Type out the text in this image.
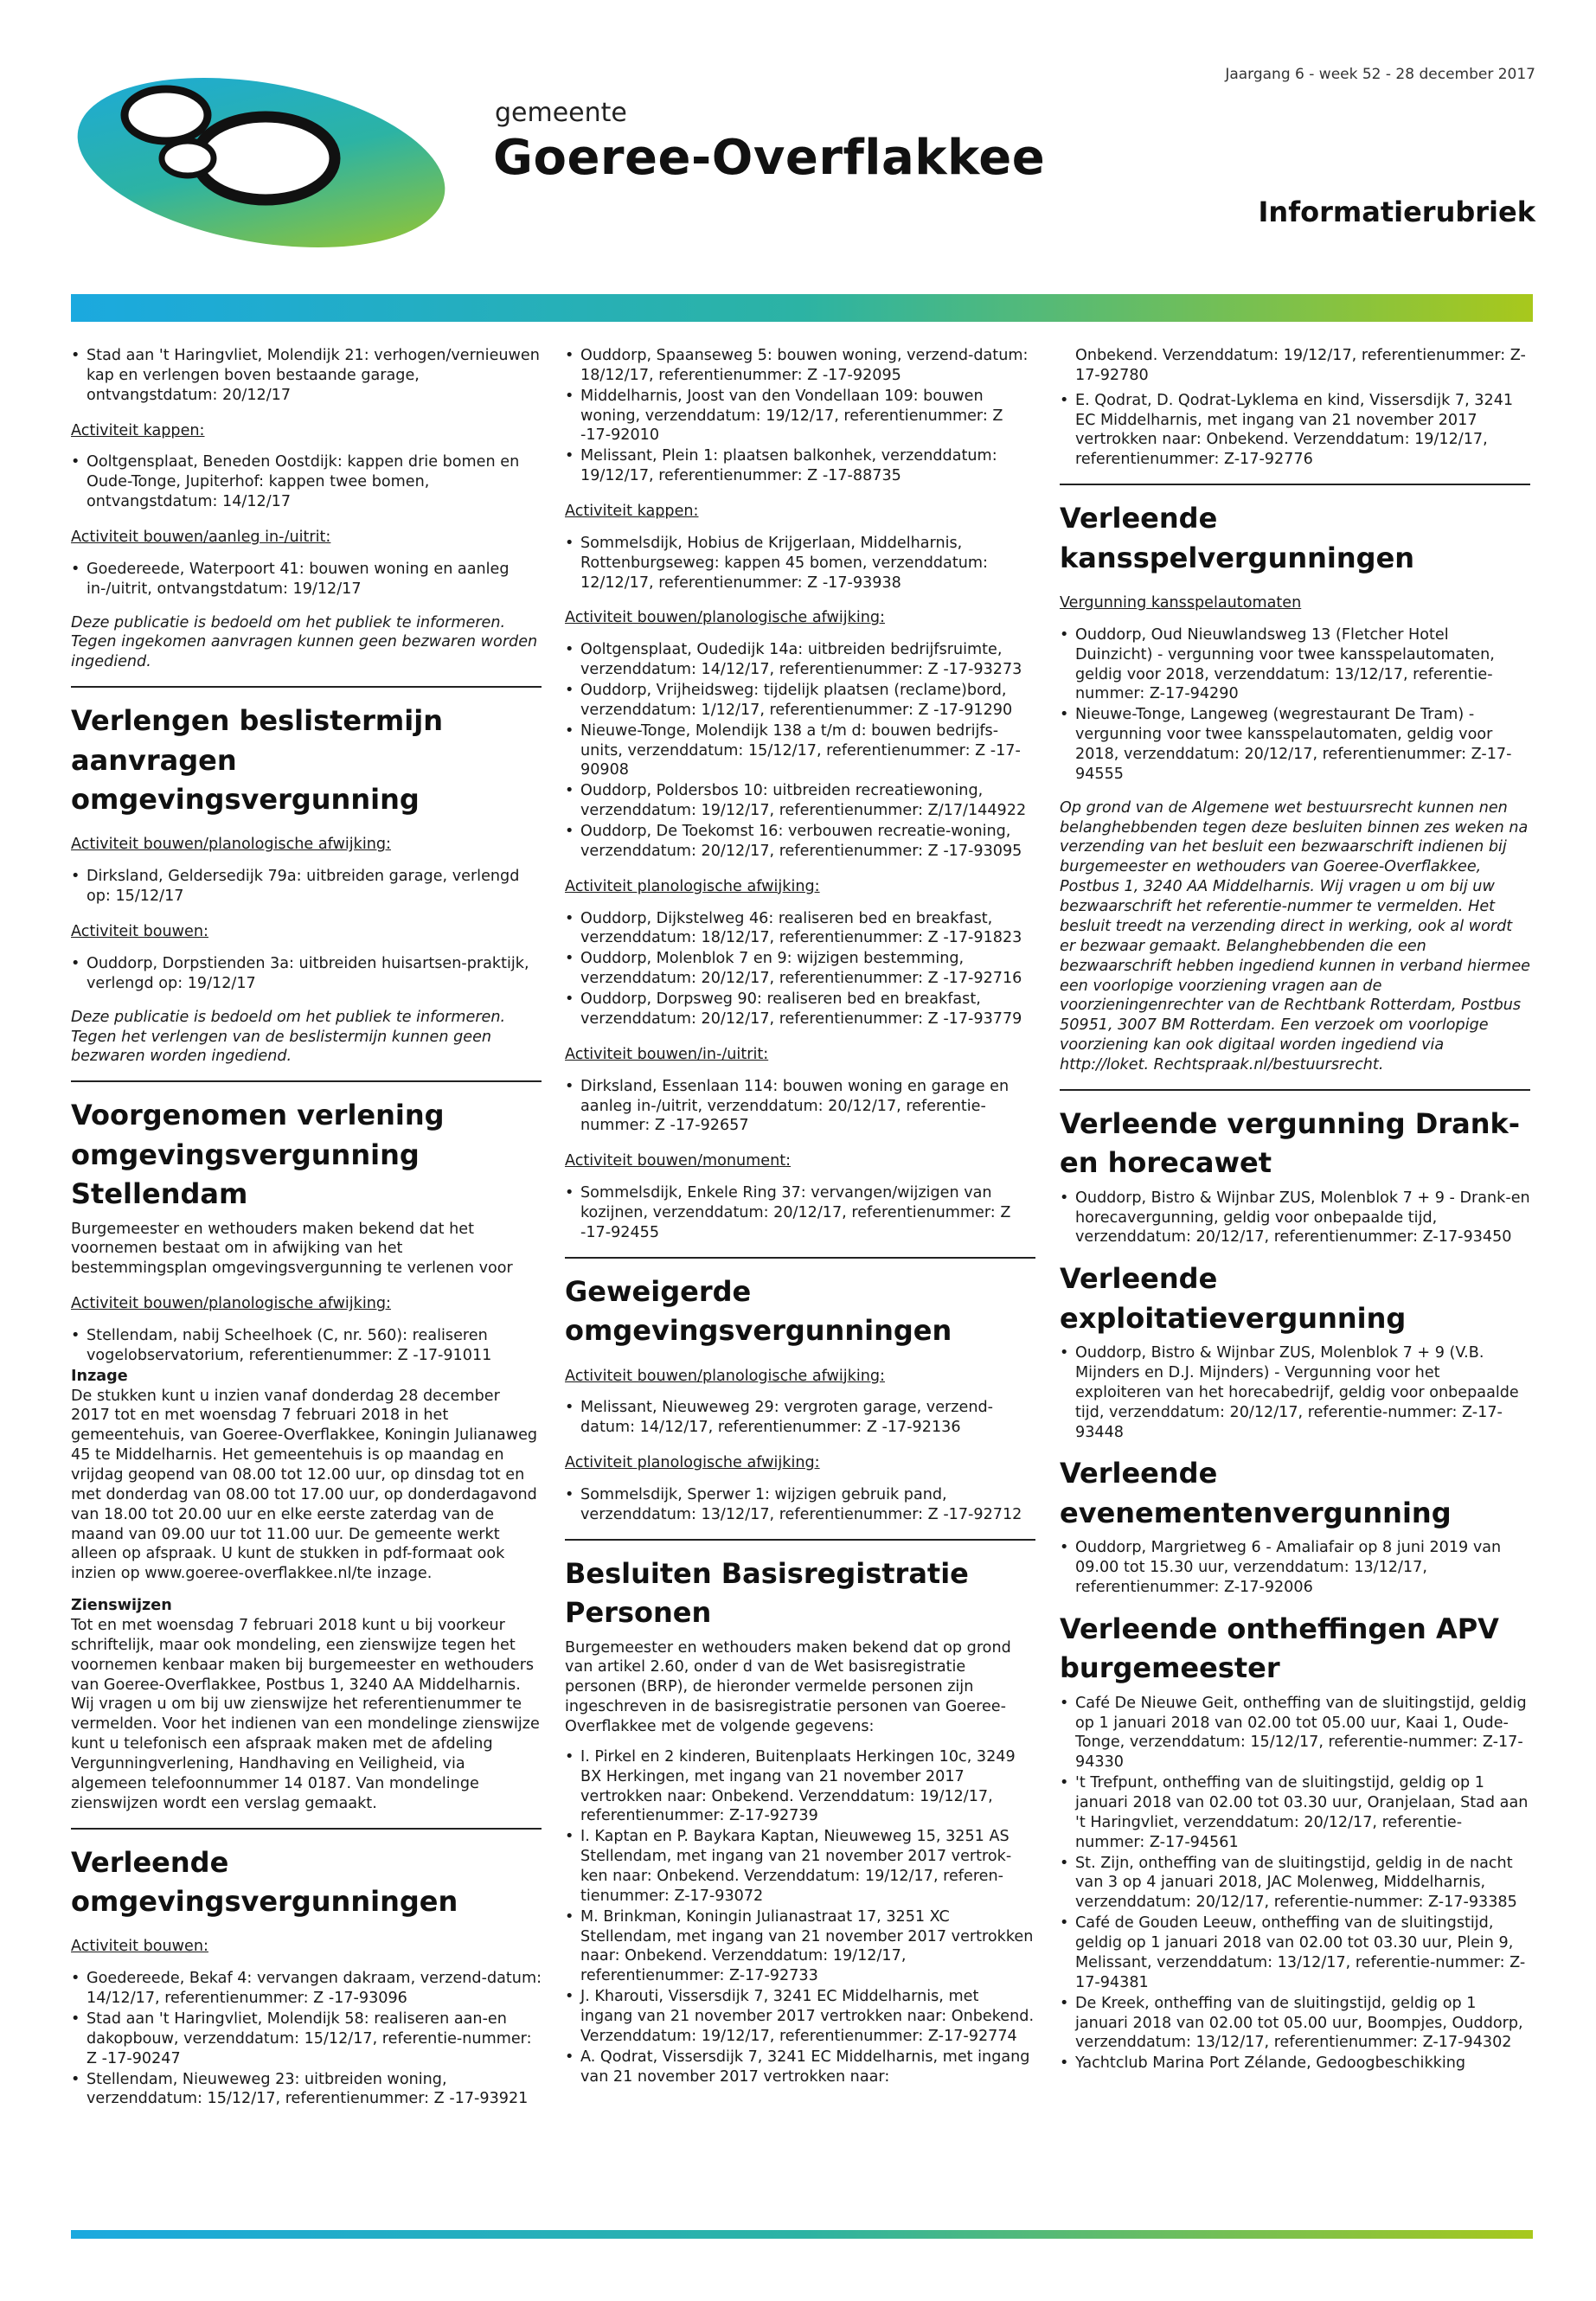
Jaargang 6 - week 52 - 28 december 2017
gemeente
Goeree-Overflakkee
Informatierubriek
• Stad aan 't Haringvliet, Molendijk 21: verhogen/vernieuwen kap en verlengen boven bestaande garage, ontvangstdatum: 20/12/17

Activiteit kappen:

• Ooltgensplaat, Beneden Oostdijk: kappen drie bomen en Oude-Tonge, Jupiterhof: kappen twee bomen, ontvangstdatum: 14/12/17

Activiteit bouwen/aanleg in-/uitrit:

• Goedereede, Waterpoort 41: bouwen woning en aanleg in-/uitrit, ontvangstdatum: 19/12/17

Deze publicatie is bedoeld om het publiek te informeren. Tegen ingekomen aanvragen kunnen geen bezwaren worden ingediend.

Verlengen beslistermijn aanvragen omgevingsvergunning

Activiteit bouwen/planologische afwijking:

• Dirksland, Geldersedijk 79a: uitbreiden garage, verlengd op: 15/12/17

Activiteit bouwen:

• Ouddorp, Dorpstienden 3a: uitbreiden huisartsen-praktijk, verlengd op: 19/12/17

Deze publicatie is bedoeld om het publiek te informeren. Tegen het verlengen van de beslistermijn kunnen geen bezwaren worden ingediend.

Voorgenomen verlening omgevingsvergunning Stellendam

Burgemeester en wethouders maken bekend dat het voornemen bestaat om in afwijking van het bestemmingsplan omgevingsvergunning te verlenen voor

Activiteit bouwen/planologische afwijking:

• Stellendam, nabij Scheelhoek (C, nr. 560): realiseren vogelobservatorium, referentienummer: Z -17-91011

Inzage

De stukken kunt u inzien vanaf donderdag 28 december 2017 tot en met woensdag 7 februari 2018 in het gemeentehuis, van Goeree-Overflakkee, Koningin Julianaweg 45 te Middelharnis. Het gemeentehuis is op maandag en vrijdag geopend van 08.00 tot 12.00 uur, op dinsdag tot en met donderdag van 08.00 tot 17.00 uur, op donderdagavond van 18.00 tot 20.00 uur en elke eerste zaterdag van de maand van 09.00 uur tot 11.00 uur. De gemeente werkt alleen op afspraak. U kunt de stukken in pdf-formaat ook inzien op www.goeree-overflakkee.nl/te inzage.

Zienswijzen

Tot en met woensdag 7 februari 2018 kunt u bij voorkeur schriftelijk, maar ook mondeling, een zienswijze tegen het voornemen kenbaar maken bij burgemeester en wethouders van Goeree-Overflakkee, Postbus 1, 3240 AA Middelharnis. Wij vragen u om bij uw zienswijze het referentienummer te vermelden. Voor het indienen van een mondelinge zienswijze kunt u telefonisch een afspraak maken met de afdeling Vergunningverlening, Handhaving en Veiligheid, via algemeen telefoonnummer 14 0187. Van mondelinge zienswijzen wordt een verslag gemaakt.

Verleende omgevingsvergunningen

Activiteit bouwen:

• Goedereede, Bekaf 4: vervangen dakraam, verzend-datum: 14/12/17, referentienummer: Z -17-93096
• Stad aan 't Haringvliet, Molendijk 58: realiseren aan-en dakopbouw, verzenddatum: 15/12/17, referentie-nummer: Z -17-90247
• Stellendam, Nieuweweg 23: uitbreiden woning, verzenddatum: 15/12/17, referentienummer: Z -17-93921
• Ouddorp, Spaanseweg 5: bouwen woning, verzend-datum: 18/12/17, referentienummer: Z -17-92095
• Middelharnis, Joost van den Vondellaan 109: bouwen woning, verzenddatum: 19/12/17, referentienummer: Z -17-92010
• Melissant, Plein 1: plaatsen balkonhek, verzenddatum: 19/12/17, referentienummer: Z -17-88735

Activiteit kappen:

• Sommelsdijk, Hobius de Krijgerlaan, Middelharnis, Rottenburgseweg: kappen 45 bomen, verzenddatum: 12/12/17, referentienummer: Z -17-93938

Activiteit bouwen/planologische afwijking:

• Ooltgensplaat, Oudedijk 14a: uitbreiden bedrijfsruimte, verzenddatum: 14/12/17, referentienummer: Z -17-93273
• Ouddorp, Vrijheidsweg: tijdelijk plaatsen (reclame)bord, verzenddatum: 1/12/17, referentienummer: Z -17-91290
• Nieuwe-Tonge, Molendijk 138 a t/m d: bouwen bedrijfs-units, verzenddatum: 15/12/17, referentienummer: Z -17-90908
• Ouddorp, Poldersbos 10: uitbreiden recreatiewoning, verzenddatum: 19/12/17, referentienummer: Z/17/144922
• Ouddorp, De Toekomst 16: verbouwen recreatie-woning, verzenddatum: 20/12/17, referentienummer: Z -17-93095

Activiteit planologische afwijking:

• Ouddorp, Dijkstelweg 46: realiseren bed en breakfast, verzenddatum: 18/12/17, referentienummer: Z -17-91823
• Ouddorp, Molenblok 7 en 9: wijzigen bestemming, verzenddatum: 20/12/17, referentienummer: Z -17-92716
• Ouddorp, Dorpsweg 90: realiseren bed en breakfast, verzenddatum: 20/12/17, referentienummer: Z -17-93779

Activiteit bouwen/in-/uitrit:

• Dirksland, Essenlaan 114: bouwen woning en garage en aanleg in-/uitrit, verzenddatum: 20/12/17, referentie-nummer: Z -17-92657

Activiteit bouwen/monument:

• Sommelsdijk, Enkele Ring 37: vervangen/wijzigen van kozijnen, verzenddatum: 20/12/17, referentienummer: Z -17-92455
Geweigerde omgevingsvergunningen

Activiteit bouwen/planologische afwijking:

• Melissant, Nieuweweg 29: vergroten garage, verzend-datum: 14/12/17, referentienummer: Z -17-92136

Activiteit planologische afwijking:

• Sommelsdijk, Sperwer 1: wijzigen gebruik pand, verzenddatum: 13/12/17, referentienummer: Z -17-92712
Besluiten Basisregistratie Personen

Burgemeester en wethouders maken bekend dat op grond van artikel 2.60, onder d van de Wet basisregistratie personen (BRP), de hieronder vermelde personen zijn ingeschreven in de basisregistratie personen van Goeree-Overflakkee met de volgende gegevens:

• I. Pirkel en 2 kinderen, Buitenplaats Herkingen 10c, 3249 BX Herkingen, met ingang van 21 november 2017 vertrokken naar: Onbekend. Verzenddatum: 19/12/17, referentienummer: Z-17-92739
• I. Kaptan en P. Baykara Kaptan, Nieuweweg 15, 3251 AS Stellendam, met ingang van 21 november 2017 vertrok-ken naar: Onbekend. Verzenddatum: 19/12/17, referen-tienummer: Z-17-93072
• M. Brinkman, Koningin Julianastraat 17, 3251 XC Stellendam, met ingang van 21 november 2017 vertrokken naar: Onbekend. Verzenddatum: 19/12/17, referentienummer: Z-17-92733
• J. Kharouti, Vissersdijk 7, 3241 EC Middelharnis, met ingang van 21 november 2017 vertrokken naar: Onbekend. Verzenddatum: 19/12/17, referentienummer: Z-17-92774
• A. Qodrat, Vissersdijk 7, 3241 EC Middelharnis, met ingang van 21 november 2017 vertrokken naar:

Onbekend. Verzenddatum: 19/12/17, referentienummer: Z-17-92780

• E. Qodrat, D. Qodrat-Lyklema en kind, Vissersdijk 7, 3241 EC Middelharnis, met ingang van 21 november 2017 vertrokken naar: Onbekend. Verzenddatum: 19/12/17, referentienummer: Z-17-92776
Verleende kansspelvergunningen

Vergunning kansspelautomaten

• Ouddorp, Oud Nieuwlandsweg 13 (Fletcher Hotel Duinzicht) - vergunning voor twee kansspelautomaten, geldig voor 2018, verzenddatum: 13/12/17, referentie-nummer: Z-17-94290
• Nieuwe-Tonge, Langeweg (wegrestaurant De Tram) - vergunning voor twee kansspelautomaten, geldig voor 2018, verzenddatum: 20/12/17, referentienummer: Z-17-94555

Op grond van de Algemene wet bestuursrecht kunnen nen belanghebbenden tegen deze besluiten binnen zes weken na verzending van het besluit een bezwaarschrift indienen bij burgemeester en wethouders van Goeree-Overflakkee, Postbus 1, 3240 AA Middelharnis. Wij vragen u om bij uw bezwaarschrift het referentie-nummer te vermelden. Het besluit treedt na verzending direct in werking, ook al wordt er bezwaar gemaakt. Belanghebbenden die een bezwaarschrift hebben ingediend kunnen in verband hiermee een voorlopige voorziening vragen aan de voorzieningenrechter van de Rechtbank Rotterdam, Postbus 50951, 3007 BM Rotterdam. Een verzoek om voorlopige voorziening kan ook digitaal worden ingediend via http://loket. Rechtspraak.nl/bestuursrecht.

Verleende vergunning Drank- en horecawet
• Ouddorp, Bistro & Wijnbar ZUS, Molenblok 7 + 9 - Drank-en horecavergunning, geldig voor onbepaalde tijd, verzenddatum: 20/12/17, referentienummer: Z-17-93450
Verleende exploitatievergunning
• Ouddorp, Bistro & Wijnbar ZUS, Molenblok 7 + 9 (V.B. Mijnders en D.J. Mijnders) - Vergunning voor het exploiteren van het horecabedrijf, geldig voor onbepaalde tijd, verzenddatum: 20/12/17, referentie-nummer: Z-17-93448
Verleende evenementenvergunning
• Ouddorp, Margrietweg 6 - Amaliafair op 8 juni 2019 van 09.00 tot 15.30 uur, verzenddatum: 13/12/17, referentienummer: Z-17-92006
Verleende ontheffingen APV burgemeester
• Café De Nieuwe Geit, ontheffing van de sluitingstijd, geldig op 1 januari 2018 van 02.00 tot 05.00 uur, Kaai 1, Oude-Tonge, verzenddatum: 15/12/17, referentie-nummer: Z-17-94330
• 't Trefpunt, ontheffing van de sluitingstijd, geldig op 1 januari 2018 van 02.00 tot 03.30 uur, Oranjelaan, Stad aan 't Haringvliet, verzenddatum: 20/12/17, referentie-nummer: Z-17-94561
• St. Zijn, ontheffing van de sluitingstijd, geldig in de nacht van 3 op 4 januari 2018, JAC Molenweg, Middelharnis, verzenddatum: 20/12/17, referentie-nummer: Z-17-93385
• Café de Gouden Leeuw, ontheffing van de sluitingstijd, geldig op 1 januari 2018 van 02.00 tot 03.30 uur, Plein 9, Melissant, verzenddatum: 13/12/17, referentie-nummer: Z-17-94381
• De Kreek, ontheffing van de sluitingstijd, geldig op 1 januari 2018 van 02.00 tot 05.00 uur, Boompjes, Ouddorp, verzenddatum: 13/12/17, referentienummer: Z-17-94302
• Yachtclub Marina Port Zélande, Gedoogbeschikking
